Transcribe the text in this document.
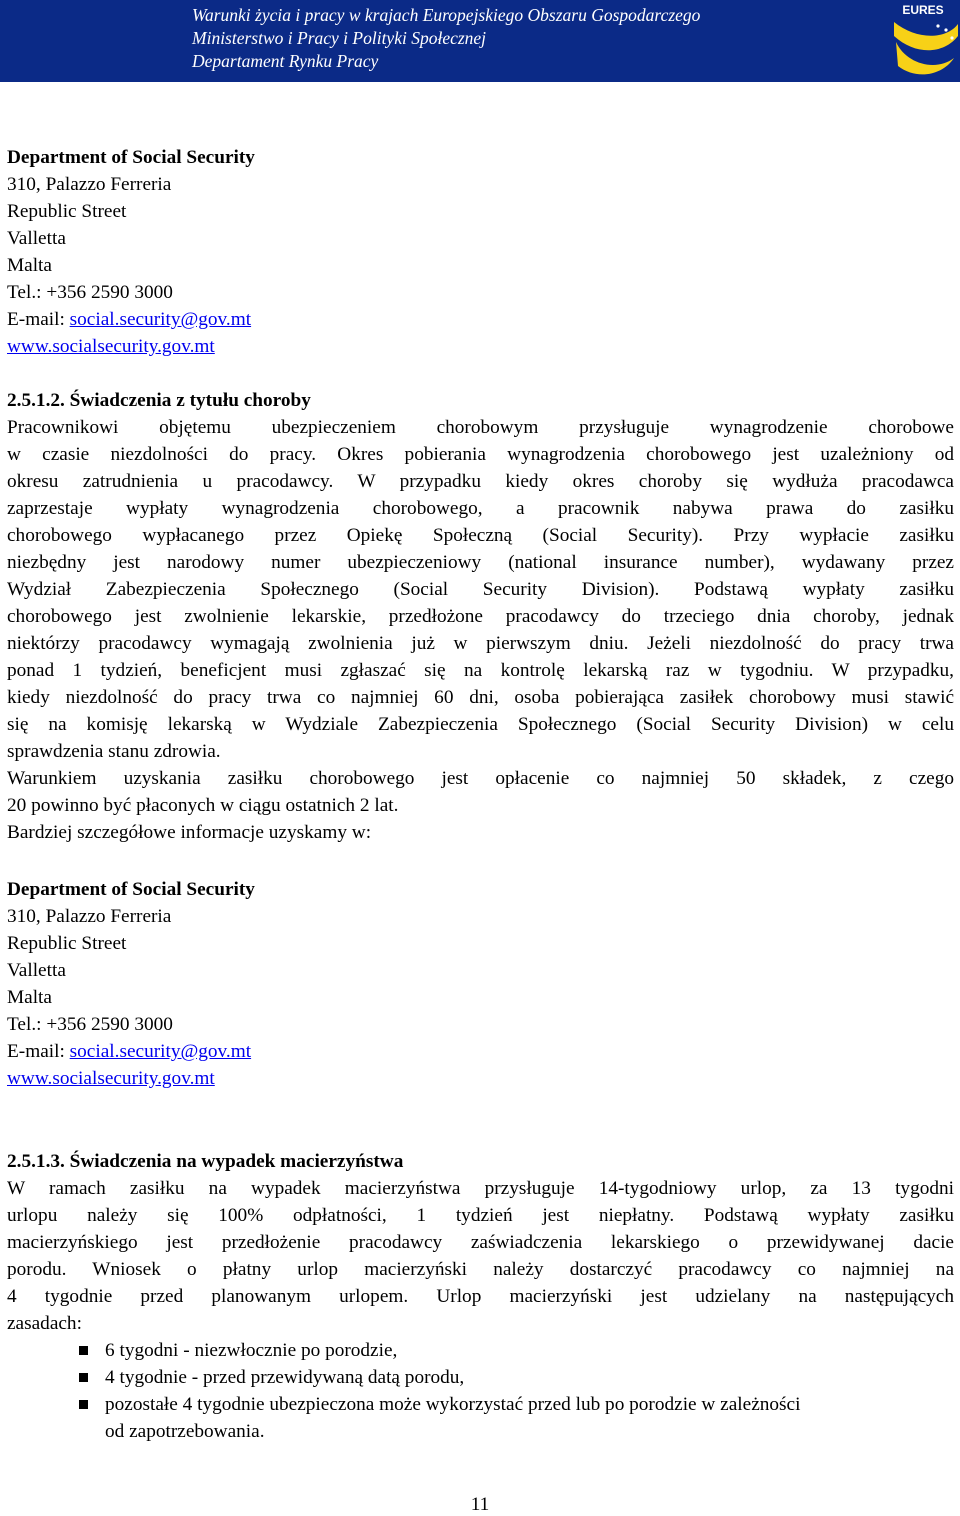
Warunki życia i pracy w krajach Europejskiego Obszaru Gospodarczego
Ministerstwo i Pracy i Polityki Społecznej
Departament Rynku Pracy
EURES
Department of Social Security
310, Palazzo Ferreria
Republic Street
Valletta
Malta
Tel.: +356 2590 3000
E-mail: social.security@gov.mt
www.socialsecurity.gov.mt
2.5.1.2. Świadczenia z tytułu choroby
Pracownikowi objętemu ubezpieczeniem chorobowym przysługuje wynagrodzenie chorobowe
w czasie niezdolności do pracy. Okres pobierania wynagrodzenia chorobowego jest uzależniony od
okresu zatrudnienia u pracodawcy. W przypadku kiedy okres choroby się wydłuża pracodawca
zaprzestaje wypłaty wynagrodzenia chorobowego, a pracownik nabywa prawa do zasiłku
chorobowego wypłacanego przez Opiekę Społeczną (Social Security). Przy wypłacie zasiłku
niezbędny jest narodowy numer ubezpieczeniowy (national insurance number), wydawany przez
Wydział Zabezpieczenia Społecznego (Social Security Division). Podstawą wypłaty zasiłku
chorobowego jest zwolnienie lekarskie, przedłożone pracodawcy do trzeciego dnia choroby, jednak
niektórzy pracodawcy wymagają zwolnienia już w pierwszym dniu. Jeżeli niezdolność do pracy trwa
ponad 1 tydzień, beneficjent musi zgłaszać się na kontrolę lekarską raz w tygodniu. W przypadku,
kiedy niezdolność do pracy trwa co najmniej 60 dni, osoba pobierająca zasiłek chorobowy musi stawić
się na komisję lekarską w Wydziale Zabezpieczenia Społecznego (Social Security Division) w celu
sprawdzenia stanu zdrowia.
Warunkiem uzyskania zasiłku chorobowego jest opłacenie co najmniej 50 składek, z czego
20 powinno być płaconych w ciągu ostatnich 2 lat.
Bardziej szczegółowe informacje uzyskamy w:
Department of Social Security
310, Palazzo Ferreria
Republic Street
Valletta
Malta
Tel.: +356 2590 3000
E-mail: social.security@gov.mt
www.socialsecurity.gov.mt
2.5.1.3. Świadczenia na wypadek macierzyństwa
W ramach zasiłku na wypadek macierzyństwa przysługuje 14-tygodniowy urlop, za 13 tygodni
urlopu należy się 100% odpłatności, 1 tydzień jest niepłatny. Podstawą wypłaty zasiłku
macierzyńskiego jest przedłożenie pracodawcy zaświadczenia lekarskiego o przewidywanej dacie
porodu. Wniosek o płatny urlop macierzyński należy dostarczyć pracodawcy co najmniej na
4 tygodnie przed planowanym urlopem. Urlop macierzyński jest udzielany na następujących
zasadach:
6 tygodni - niezwłocznie po porodzie,
4 tygodnie - przed przewidywaną datą porodu,
pozostałe 4 tygodnie ubezpieczona może wykorzystać przed lub po porodzie w zależności
od zapotrzebowania.
11
